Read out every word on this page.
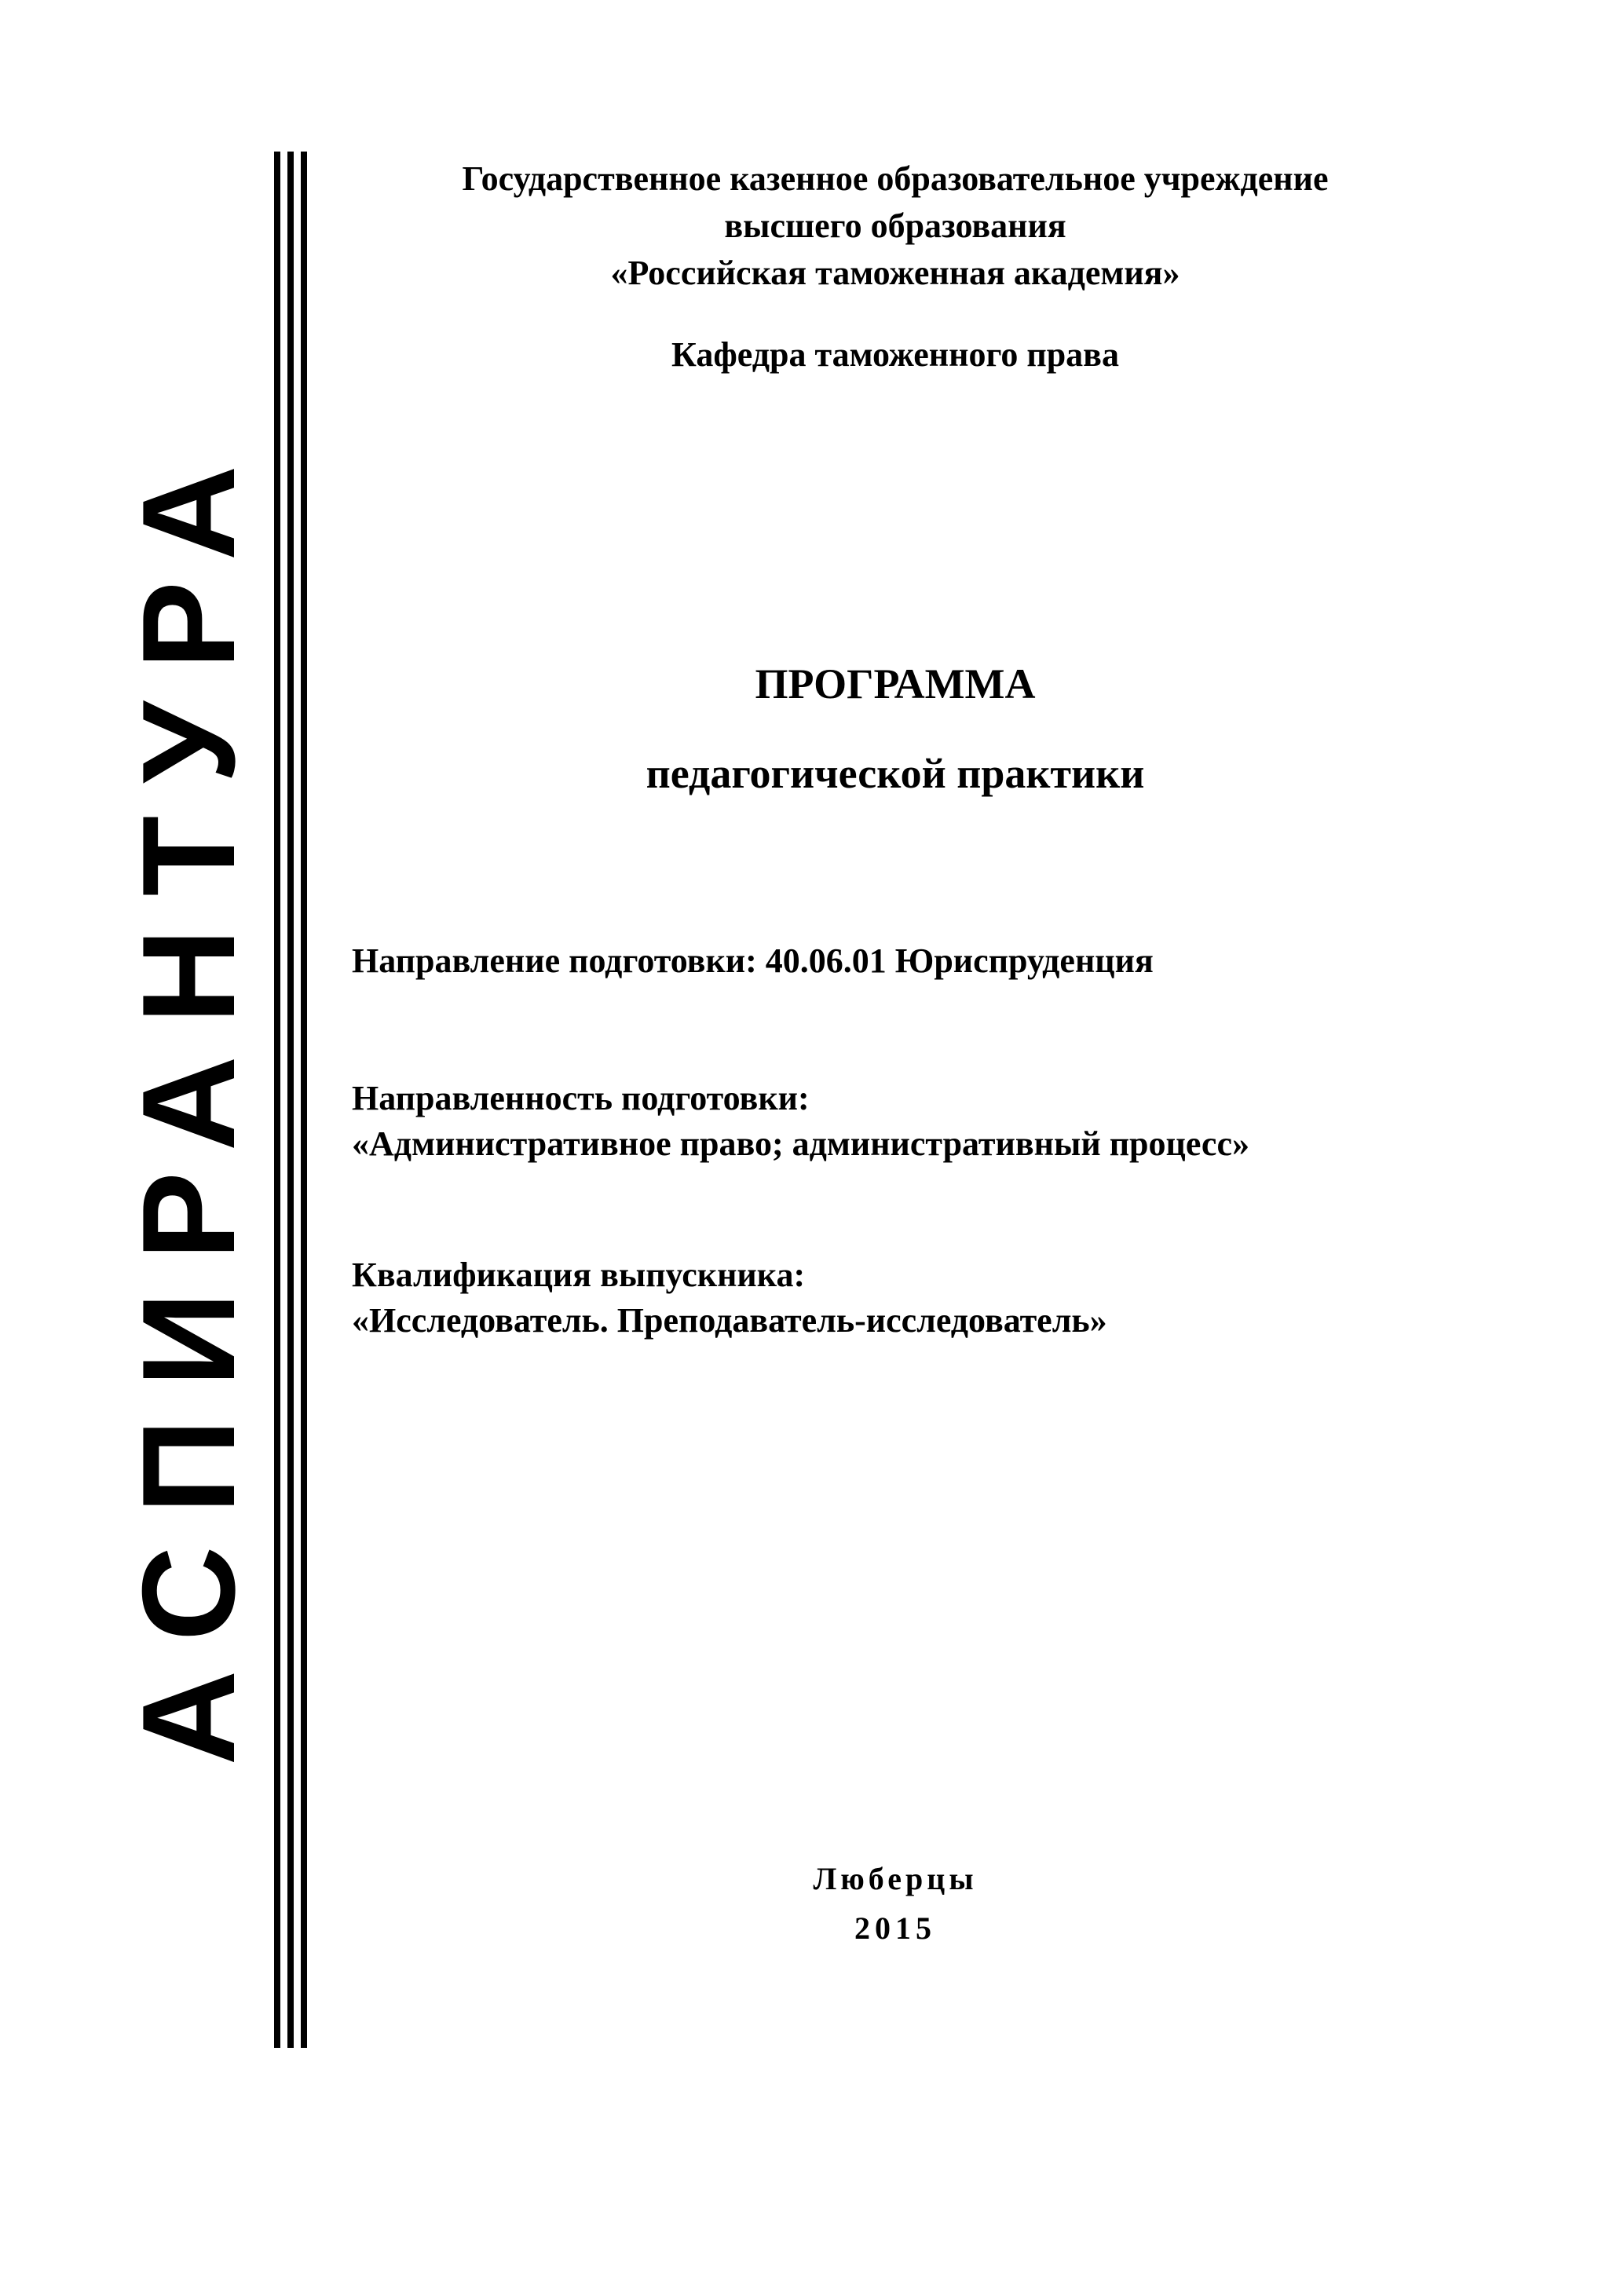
АСПИРАНТУРА
Государственное казенное образовательное учреждение
высшего образования
«Российская таможенная академия»
Кафедра таможенного права
ПРОГРАММА
педагогической практики
Направление подготовки: 40.06.01 Юриспруденция
Направленность подготовки:
«Административное право; административный процесс»
Квалификация выпускника:
«Исследователь. Преподаватель-исследователь»
Люберцы
2015
